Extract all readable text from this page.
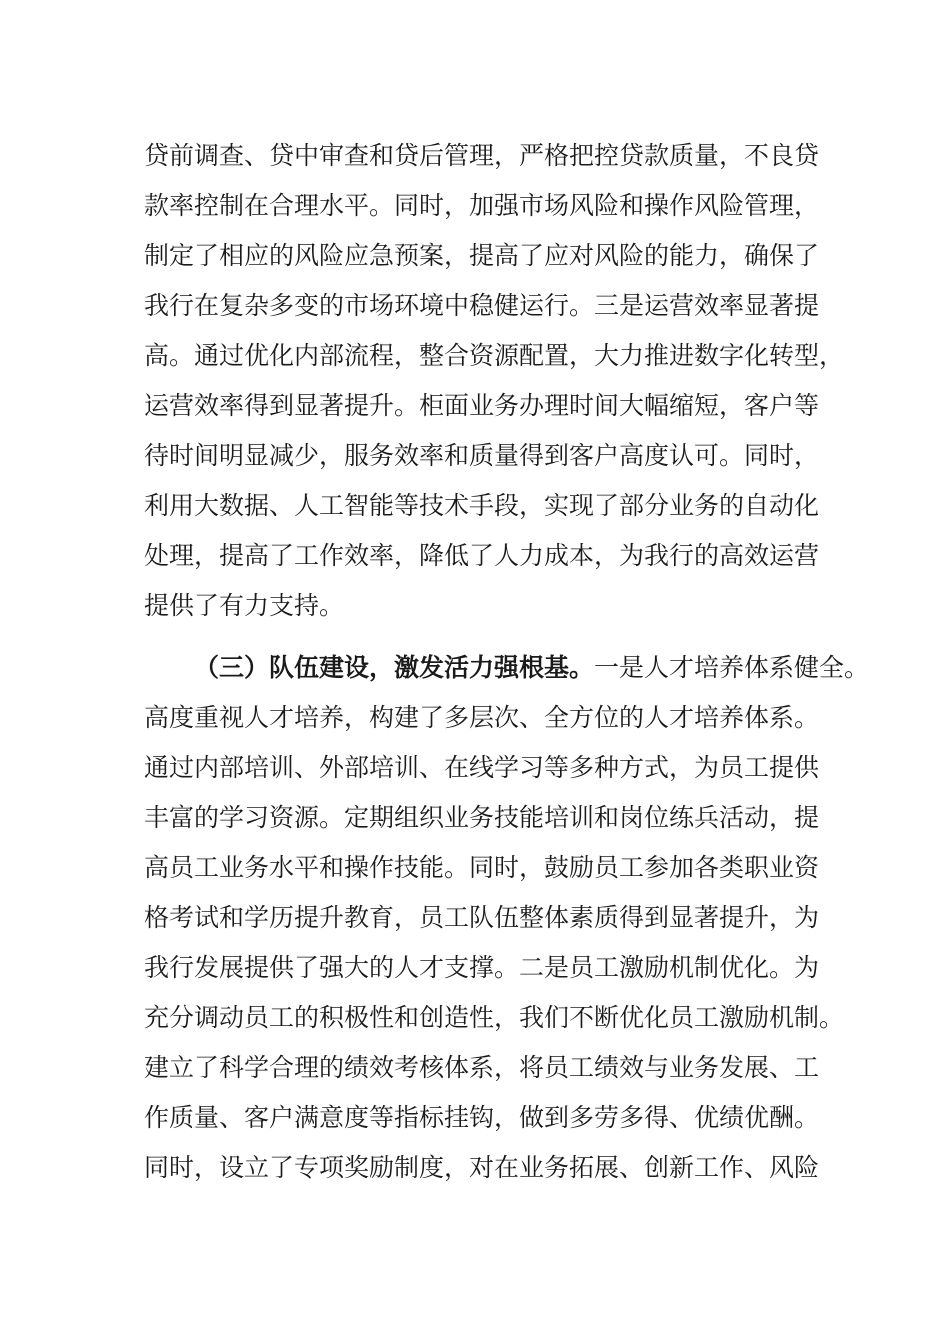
贷前调查、贷中审查和贷后管理，严格把控贷款质量，不良贷
款率控制在合理水平。同时，加强市场风险和操作风险管理，
制定了相应的风险应急预案，提高了应对风险的能力，确保了
我行在复杂多变的市场环境中稳健运行。三是运营效率显著提
高。通过优化内部流程，整合资源配置，大力推进数字化转型，
运营效率得到显著提升。柜面业务办理时间大幅缩短，客户等
待时间明显减少，服务效率和质量得到客户高度认可。同时，
利用大数据、人工智能等技术手段，实现了部分业务的自动化
处理，提高了工作效率，降低了人力成本，为我行的高效运营
提供了有力支持。
（三）队伍建设，激发活力强根基。一是人才培养体系健全。
高度重视人才培养，构建了多层次、全方位的人才培养体系。
通过内部培训、外部培训、在线学习等多种方式，为员工提供
丰富的学习资源。定期组织业务技能培训和岗位练兵活动，提
高员工业务水平和操作技能。同时，鼓励员工参加各类职业资
格考试和学历提升教育，员工队伍整体素质得到显著提升，为
我行发展提供了强大的人才支撑。二是员工激励机制优化。为
充分调动员工的积极性和创造性，我们不断优化员工激励机制。
建立了科学合理的绩效考核体系，将员工绩效与业务发展、工
作质量、客户满意度等指标挂钩，做到多劳多得、优绩优酬。
同时，设立了专项奖励制度，对在业务拓展、创新工作、风险
